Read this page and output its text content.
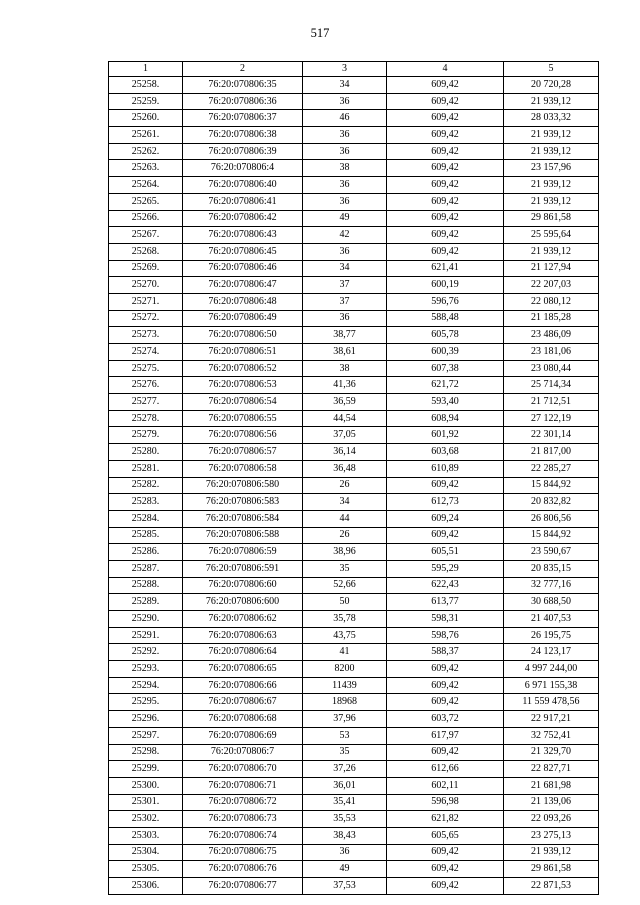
517
1	2	3	4	5
25258.	76:20:070806:35	34	609,42	20 720,28
25259.	76:20:070806:36	36	609,42	21 939,12
25260.	76:20:070806:37	46	609,42	28 033,32
25261.	76:20:070806:38	36	609,42	21 939,12
25262.	76:20:070806:39	36	609,42	21 939,12
25263.	76:20:070806:4	38	609,42	23 157,96
25264.	76:20:070806:40	36	609,42	21 939,12
25265.	76:20:070806:41	36	609,42	21 939,12
25266.	76:20:070806:42	49	609,42	29 861,58
25267.	76:20:070806:43	42	609,42	25 595,64
25268.	76:20:070806:45	36	609,42	21 939,12
25269.	76:20:070806:46	34	621,41	21 127,94
25270.	76:20:070806:47	37	600,19	22 207,03
25271.	76:20:070806:48	37	596,76	22 080,12
25272.	76:20:070806:49	36	588,48	21 185,28
25273.	76:20:070806:50	38,77	605,78	23 486,09
25274.	76:20:070806:51	38,61	600,39	23 181,06
25275.	76:20:070806:52	38	607,38	23 080,44
25276.	76:20:070806:53	41,36	621,72	25 714,34
25277.	76:20:070806:54	36,59	593,40	21 712,51
25278.	76:20:070806:55	44,54	608,94	27 122,19
25279.	76:20:070806:56	37,05	601,92	22 301,14
25280.	76:20:070806:57	36,14	603,68	21 817,00
25281.	76:20:070806:58	36,48	610,89	22 285,27
25282.	76:20:070806:580	26	609,42	15 844,92
25283.	76:20:070806:583	34	612,73	20 832,82
25284.	76:20:070806:584	44	609,24	26 806,56
25285.	76:20:070806:588	26	609,42	15 844,92
25286.	76:20:070806:59	38,96	605,51	23 590,67
25287.	76:20:070806:591	35	595,29	20 835,15
25288.	76:20:070806:60	52,66	622,43	32 777,16
25289.	76:20:070806:600	50	613,77	30 688,50
25290.	76:20:070806:62	35,78	598,31	21 407,53
25291.	76:20:070806:63	43,75	598,76	26 195,75
25292.	76:20:070806:64	41	588,37	24 123,17
25293.	76:20:070806:65	8200	609,42	4 997 244,00
25294.	76:20:070806:66	11439	609,42	6 971 155,38
25295.	76:20:070806:67	18968	609,42	11 559 478,56
25296.	76:20:070806:68	37,96	603,72	22 917,21
25297.	76:20:070806:69	53	617,97	32 752,41
25298.	76:20:070806:7	35	609,42	21 329,70
25299.	76:20:070806:70	37,26	612,66	22 827,71
25300.	76:20:070806:71	36,01	602,11	21 681,98
25301.	76:20:070806:72	35,41	596,98	21 139,06
25302.	76:20:070806:73	35,53	621,82	22 093,26
25303.	76:20:070806:74	38,43	605,65	23 275,13
25304.	76:20:070806:75	36	609,42	21 939,12
25305.	76:20:070806:76	49	609,42	29 861,58
25306.	76:20:070806:77	37,53	609,42	22 871,53
